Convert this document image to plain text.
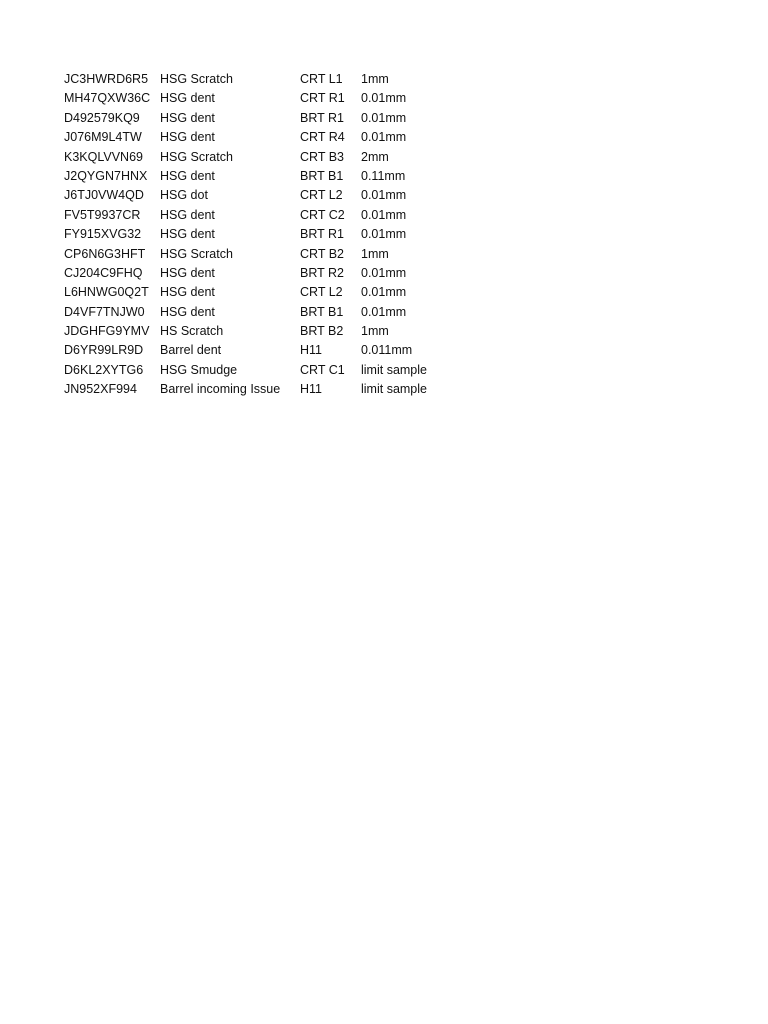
JC3HWRD6R5 HSG Scratch	CRT L1	1mm
MH47QXW36C HSG dent	CRT R1	0.01mm
D492579KQ9	HSG dent	BRT R1	0.01mm
J076M9L4TW	HSG dent	CRT R4	0.01mm
K3KQLVVN69	HSG Scratch	CRT B3	2mm
J2QYGN7HNX	HSG dent	BRT B1	0.11mm
J6TJ0VW4QD	HSG dot	CRT L2	0.01mm
FV5T9937CR	HSG dent	CRT C2	0.01mm
FY915XVG32	HSG dent	BRT R1	0.01mm
CP6N6G3HFT	HSG Scratch	CRT B2	1mm
CJ204C9FHQ	HSG dent	BRT R2	0.01mm
L6HNWG0Q2T HSG dent	CRT L2	0.01mm
D4VF7TNJW0	HSG dent	BRT B1	0.01mm
JDGHFG9YMV HS Scratch	BRT B2	1mm
D6YR99LR9D	Barrel dent	H11	0.011mm
D6KL2XYTG6	HSG Smudge	CRT C1	limit sample
JN952XF994	Barrel incoming Issue	H11	limit sample
